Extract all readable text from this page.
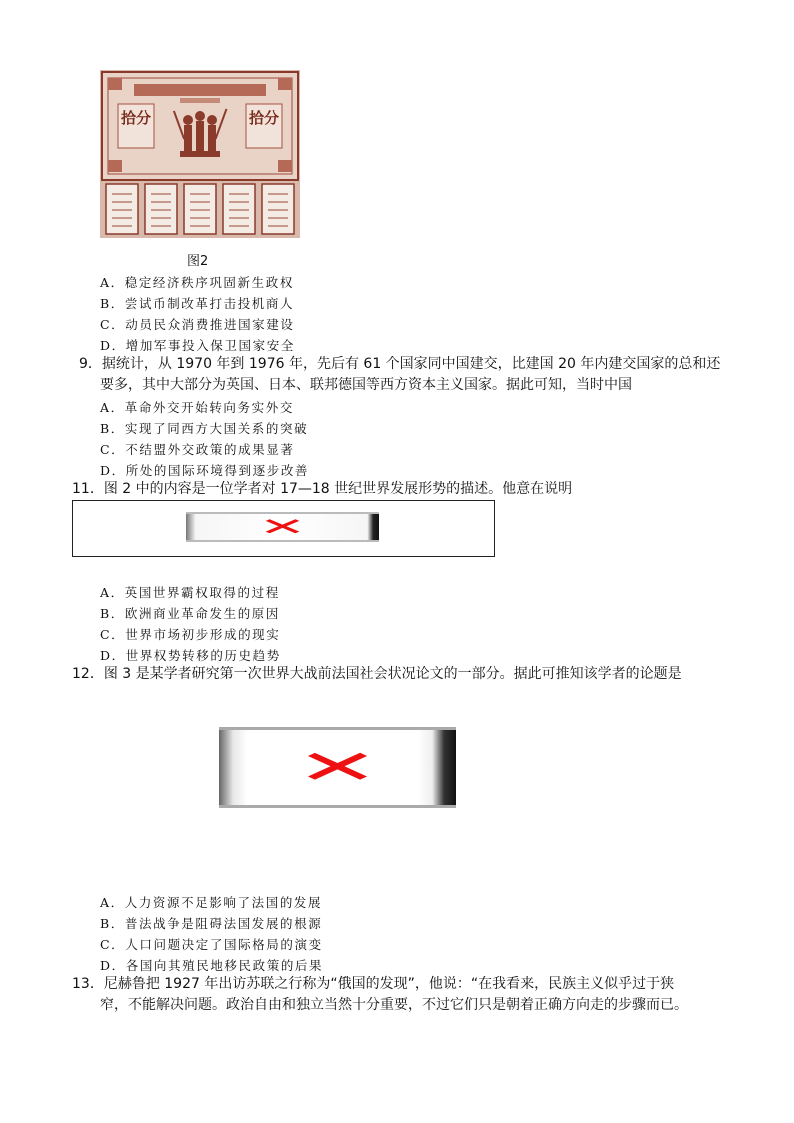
拾分	拾分
图2
A．稳定经济秩序巩固新生政权
B．尝试币制改革打击投机商人
C．动员民众消费推进国家建设
D．增加军事投入保卫国家安全
9．据统计，从 1970 年到 1976 年，先后有 61 个国家同中国建交，比建国 20 年内建交国家的总和还
要多，其中大部分为英国、日本、联邦德国等西方资本主义国家。据此可知，当时中国
A．革命外交开始转向务实外交
B．实现了同西方大国关系的突破
C．不结盟外交政策的成果显著
D．所处的国际环境得到逐步改善
11．图 2 中的内容是一位学者对 17—18 世纪世界发展形势的描述。他意在说明
✕
A．英国世界霸权取得的过程
B．欧洲商业革命发生的原因
C．世界市场初步形成的现实
D．世界权势转移的历史趋势
12．图 3 是某学者研究第一次世界大战前法国社会状况论文的一部分。据此可推知该学者的论题是
✕
A．人力资源不足影响了法国的发展
B．普法战争是阻碍法国发展的根源
C．人口问题决定了国际格局的演变
D．各国向其殖民地移民政策的后果
13．尼赫鲁把 1927 年出访苏联之行称为“俄国的发现”，他说：“在我看来，民族主义似乎过于狭
窄，不能解决问题。政治自由和独立当然十分重要，不过它们只是朝着正确方向走的步骤而已。
